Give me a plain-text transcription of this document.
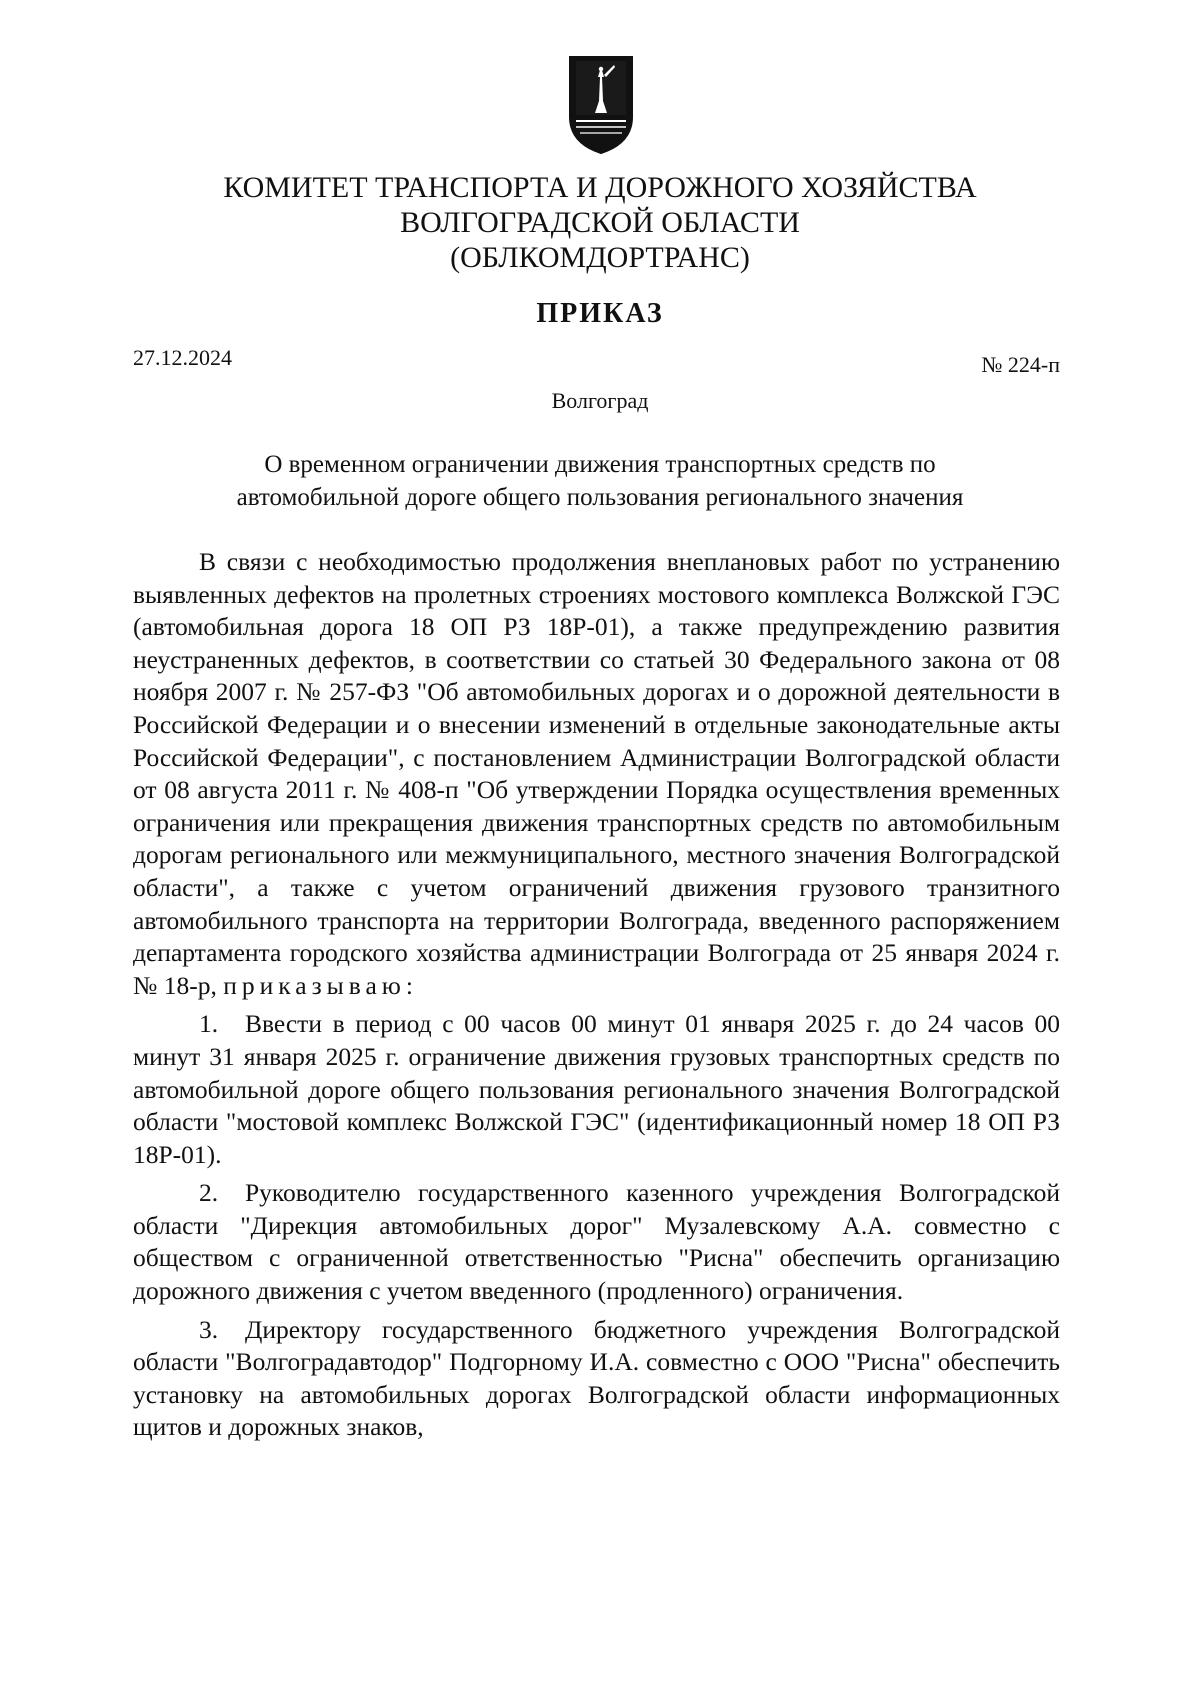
КОМИТЕТ ТРАНСПОРТА И ДОРОЖНОГО ХОЗЯЙСТВА
ВОЛГОГРАДСКОЙ ОБЛАСТИ
(ОБЛКОМДОРТРАНС)
ПРИКАЗ
27.12.2024	№ 224-п
Волгоград
О временном ограничении движения транспортных средств по
автомобильной дороге общего пользования регионального значения

В связи с необходимостью продолжения внеплановых работ по устранению выявленных дефектов на пролетных строениях мостового комплекса Волжской ГЭС (автомобильная дорога 18 ОП РЗ 18Р-01), а также предупреждению развития неустраненных дефектов, в соответствии со статьей 30 Федерального закона от 08 ноября 2007 г. № 257-ФЗ "Об автомобильных дорогах и о дорожной деятельности в Российской Федерации и о внесении изменений в отдельные законодательные акты Российской Федерации", с постановлением Администрации Волгоградской области от 08 августа 2011 г. № 408-п "Об утверждении Порядка осуществления временных ограничения или прекращения движения транспортных средств по автомобильным дорогам регионального или межмуниципального, местного значения Волгоградской области", а также с учетом ограничений движения грузового транзитного автомобильного транспорта на территории Волгограда, введенного распоряжением департамента городского хозяйства администрации Волгограда от 25 января 2024 г. № 18-р, приказываю:

1. Ввести в период с 00 часов 00 минут 01 января 2025 г. до 24 часов 00 минут 31 января 2025 г. ограничение движения грузовых транспортных средств по автомобильной дороге общего пользования регионального значения Волгоградской области "мостовой комплекс Волжской ГЭС" (идентификационный номер 18 ОП РЗ 18Р-01).

2. Руководителю государственного казенного учреждения Волгоградской области "Дирекция автомобильных дорог" Музалевскому А.А. совместно с обществом с ограниченной ответственностью "Рисна" обеспечить организацию дорожного движения с учетом введенного (продленного) ограничения.

3. Директору государственного бюджетного учреждения Волгоградской области "Волгоградавтодор" Подгорному И.А. совместно с ООО "Рисна" обеспечить установку на автомобильных дорогах Волгоградской области информационных щитов и дорожных знаков,
